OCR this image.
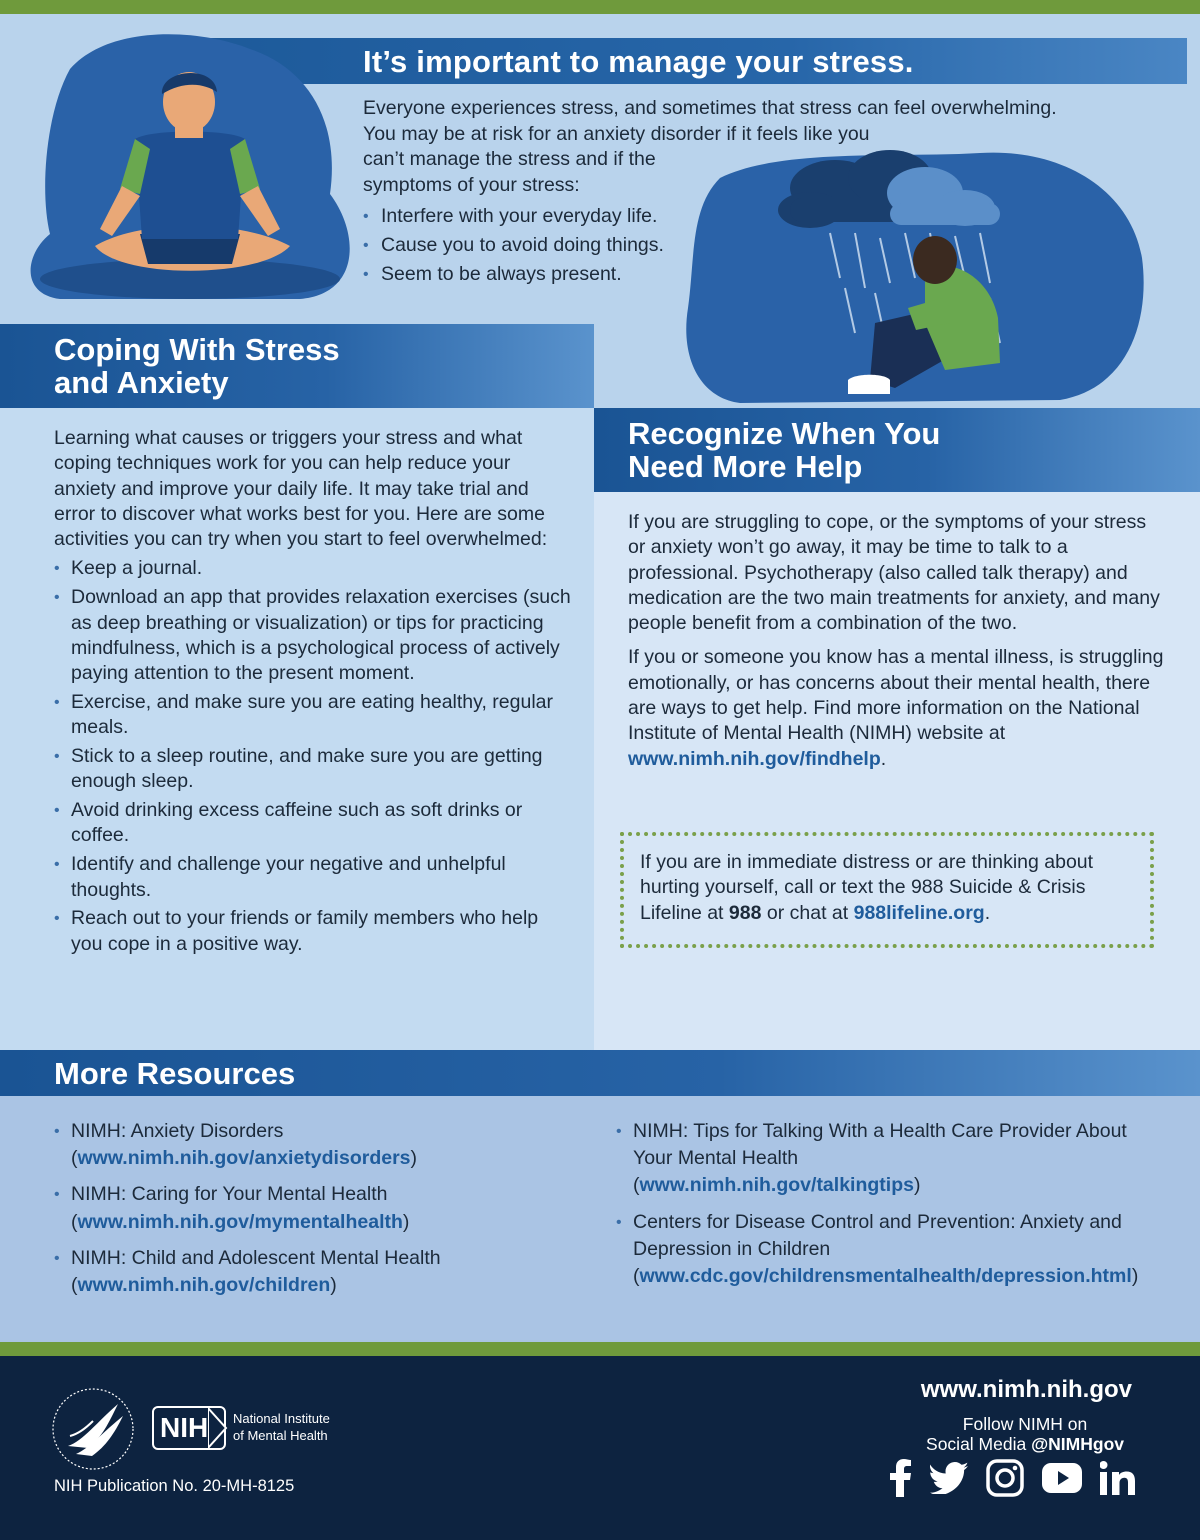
It’s important to manage your stress.

Everyone experiences stress, and sometimes that stress can feel overwhelming.
You may be at risk for an anxiety disorder if it feels like you
can’t manage the stress and if the
symptoms of your stress:

• Interfere with your everyday life.
• Cause you to avoid doing things.
• Seem to be always present.
Coping With Stress
and Anxiety

Learning what causes or triggers your stress and what coping techniques work for you can help reduce your anxiety and improve your daily life. It may take trial and error to discover what works best for you. Here are some activities you can try when you start to feel overwhelmed:

• Keep a journal.
• Download an app that provides relaxation exercises (such as deep breathing or visualization) or tips for practicing mindfulness, which is a psychological process of actively paying attention to the present moment.
• Exercise, and make sure you are eating healthy, regular meals.
• Stick to a sleep routine, and make sure you are getting enough sleep.
• Avoid drinking excess caffeine such as soft drinks or coffee.
• Identify and challenge your negative and unhelpful thoughts.
• Reach out to your friends or family members who help you cope in a positive way.
Recognize When You
Need More Help

If you are struggling to cope, or the symptoms of your stress or anxiety won’t go away, it may be time to talk to a professional. Psychotherapy (also called talk therapy) and medication are the two main treatments for anxiety, and many people benefit from a combination of the two.

If you or someone you know has a mental illness, is struggling emotionally, or has concerns about their mental health, there are ways to get help. Find more information on the National Institute of Mental Health (NIMH) website at www.nimh.nih.gov/findhelp.

If you are in immediate distress or are thinking about hurting yourself, call or text the 988 Suicide & Crisis Lifeline at 988 or chat at 988lifeline.org.
More Resources
• NIMH: Anxiety Disorders
(www.nimh.nih.gov/anxietydisorders)
• NIMH: Caring for Your Mental Health
(www.nimh.nih.gov/mymentalhealth)
• NIMH: Child and Adolescent Mental Health
(www.nimh.nih.gov/children)
• NIMH: Tips for Talking With a Health Care Provider About Your Mental Health
(www.nimh.nih.gov/talkingtips)
• Centers for Disease Control and Prevention: Anxiety and Depression in Children
(www.cdc.gov/childrensmentalhealth/depression.html)
NIH	National Institute
of Mental Health
NIH Publication No. 20-MH-8125
www.nimh.nih.gov
Follow NIMH on
Social Media @NIMHgov
